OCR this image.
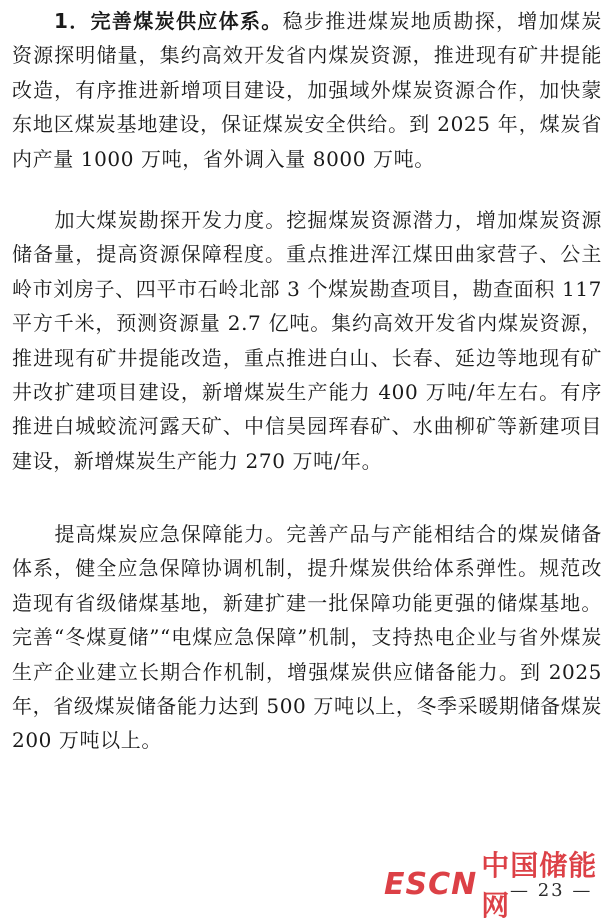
1．完善煤炭供应体系。稳步推进煤炭地质勘探，增加煤炭资源探明储量，集约高效开发省内煤炭资源，推进现有矿井提能改造，有序推进新增项目建设，加强域外煤炭资源合作，加快蒙东地区煤炭基地建设，保证煤炭安全供给。到 2025 年，煤炭省内产量 1000 万吨，省外调入量 8000 万吨。

加大煤炭勘探开发力度。挖掘煤炭资源潜力，增加煤炭资源储备量，提高资源保障程度。重点推进浑江煤田曲家营子、公主岭市刘房子、四平市石岭北部 3 个煤炭勘查项目，勘查面积 117 平方千米，预测资源量 2.7 亿吨。集约高效开发省内煤炭资源，推进现有矿井提能改造，重点推进白山、长春、延边等地现有矿井改扩建项目建设，新增煤炭生产能力 400 万吨/年左右。有序推进白城蛟流河露天矿、中信昊园珲春矿、水曲柳矿等新建项目建设，新增煤炭生产能力 270 万吨/年。

提高煤炭应急保障能力。完善产品与产能相结合的煤炭储备体系，健全应急保障协调机制，提升煤炭供给体系弹性。规范改造现有省级储煤基地，新建扩建一批保障功能更强的储煤基地。完善“冬煤夏储”“电煤应急保障”机制，支持热电企业与省外煤炭生产企业建立长期合作机制，增强煤炭供应储备能力。到 2025 年，省级煤炭储备能力达到 500 万吨以上，冬季采暖期储备煤炭 200 万吨以上。

ESCN
中国储能网 — 23 —
